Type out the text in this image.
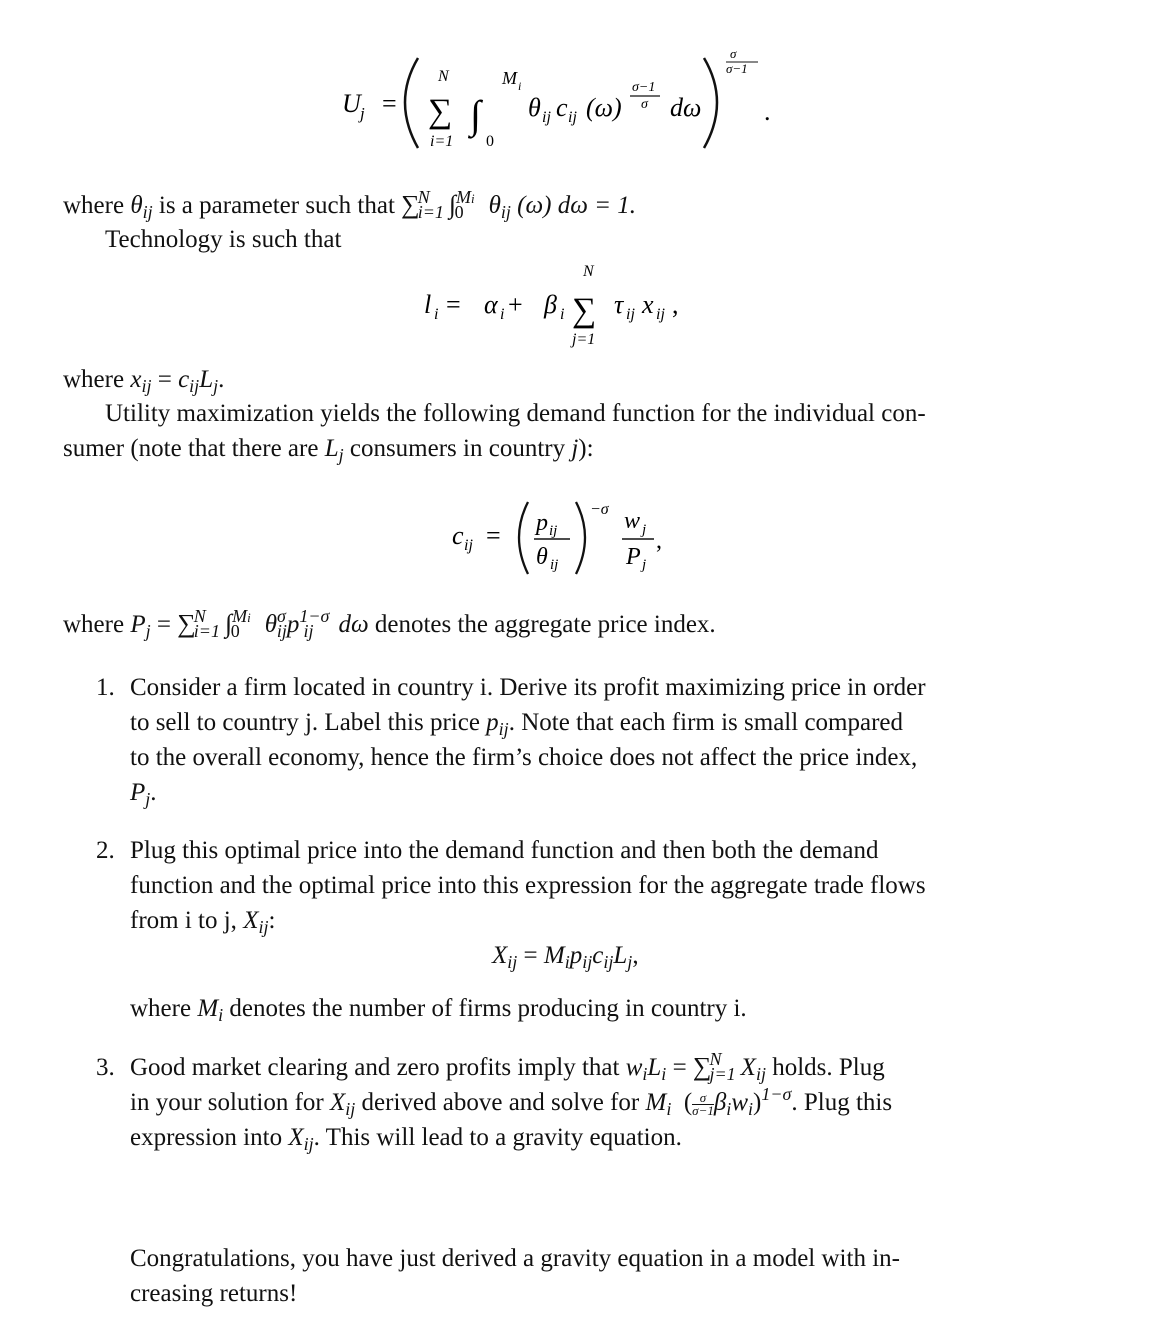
U j =
N
∑
i=1
∫
M i
0
θ ij c ij (ω)
σ−1
σ dω
σ
σ−1
.
where $\theta_{ij}$ is a parameter such that ∑$^N_{i=1}$  ∫$^{Mi}_0$  $\theta_{ij}$ (ω) dω = 1.
Technology is such that
l i = α i + β i
N
∑
j=1
τ ij x ij ,
where $x_{ij} = c_{ij}L_j$.
Utility maximization yields the following demand function for the individual con-
sumer (note that there are $L_j$ consumers in country j):
c ij = p ij
θ ij
−σ w j
P j
,
where $P_j = \sum^N_{i=1}$  ∫$^{Mi}_0$  $\theta^\sigma_{ij}p^{1-\sigma}_{ij}$   dω denotes the aggregate price index.
1. Consider a firm located in country i. Derive its profit maximizing price in order
to sell to country j. Label this price $p_{ij}$. Note that each firm is small compared
to the overall economy, hence the firm’s choice does not affect the price index,
$P_j$.
2. Plug this optimal price into the demand function and then both the demand
function and the optimal price into this expression for the aggregate trade flows
from i to j, $X_{ij}$:
$X_{ij} = M_ip_{ij}c_{ij}L_j$,
where $M_i$ denotes the number of firms producing in country i.
3. Good market clearing and zero profits imply that $w_iL_i = \sum^N_{j=1}$  $X_{ij}$ holds. Plug
in your solution for $X_{ij}$ derived above and solve for $M_i$  ( $\frac{\sigma}{\sigma-1} \beta_iw_i)^{1-\sigma}$. Plug this
expression into $X_{ij}$. This will lead to a gravity equation.
Congratulations, you have just derived a gravity equation in a model with in-
creasing returns!
